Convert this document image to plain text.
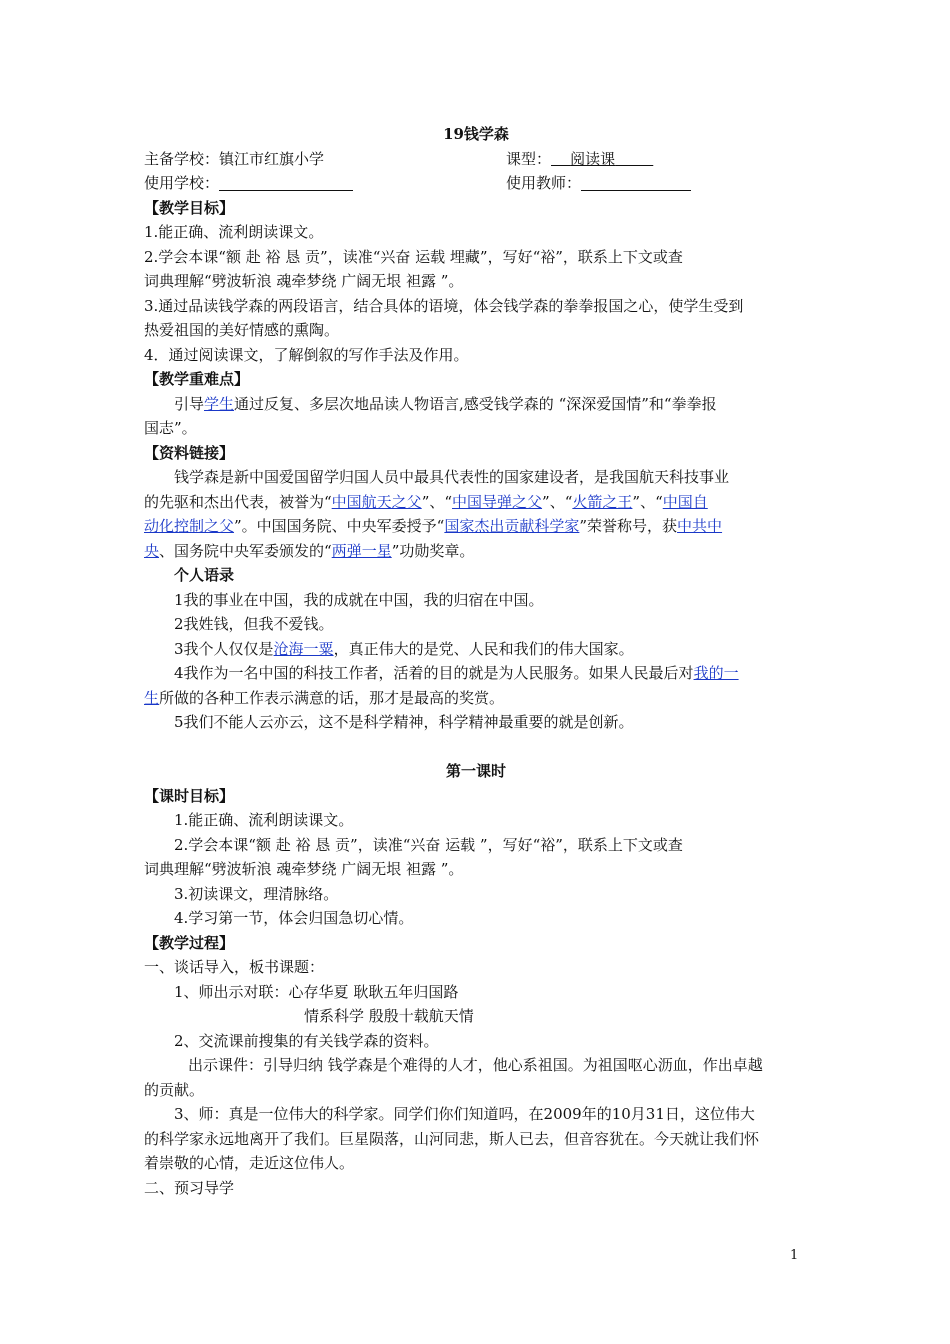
19钱学森
主备学校：镇江市红旗小学	课型： 阅读课
使用学校：	使用教师：
【教学目标】
1.能正确、流利朗读课文。
2.学会本课“额 赴 裕 恳 贡”，读准“兴奋 运载 埋藏”，写好“裕”，联系上下文或查
词典理解“劈波斩浪 魂牵梦绕 广阔无垠 袒露 ”。
3.通过品读钱学森的两段语言，结合具体的语境，体会钱学森的拳拳报国之心，使学生受到
热爱祖国的美好情感的熏陶。
4．通过阅读课文，了解倒叙的写作手法及作用。
【教学重难点】
引导学生通过反复、多层次地品读人物语言,感受钱学森的 “深深爱国情”和“拳拳报
国志”。
【资料链接】
钱学森是新中国爱国留学归国人员中最具代表性的国家建设者，是我国航天科技事业
的先驱和杰出代表，被誉为“中国航天之父”、“中国导弹之父”、“火箭之王”、“中国自
动化控制之父”。中国国务院、中央军委授予“国家杰出贡献科学家”荣誉称号，获中共中
央、国务院中央军委颁发的“两弹一星”功勋奖章。
个人语录
1我的事业在中国，我的成就在中国，我的归宿在中国。
2我姓钱，但我不爱钱。
3我个人仅仅是沧海一粟，真正伟大的是党、人民和我们的伟大国家。
4我作为一名中国的科技工作者，活着的目的就是为人民服务。如果人民最后对我的一
生所做的各种工作表示满意的话，那才是最高的奖赏。
5我们不能人云亦云，这不是科学精神，科学精神最重要的就是创新。
第一课时
【课时目标】
1.能正确、流利朗读课文。
2.学会本课“额 赴 裕 恳 贡”，读准“兴奋 运载 ”，写好“裕”，联系上下文或查
词典理解“劈波斩浪 魂牵梦绕 广阔无垠 袒露 ”。
3.初读课文，理清脉络。
4.学习第一节，体会归国急切心情。
【教学过程】
一、谈话导入，板书课题：
1、师出示对联：心存华夏 耿耿五年归国路
情系科学 殷殷十载航天情
2、交流课前搜集的有关钱学森的资料。
出示课件：引导归纳 钱学森是个难得的人才，他心系祖国。为祖国呕心沥血，作出卓越
的贡献。
3、师：真是一位伟大的科学家。同学们你们知道吗，在2009年的10月31日，这位伟大
的科学家永远地离开了我们。巨星陨落，山河同悲，斯人已去，但音容犹在。今天就让我们怀
着崇敬的心情，走近这位伟人。
二、预习导学
1
